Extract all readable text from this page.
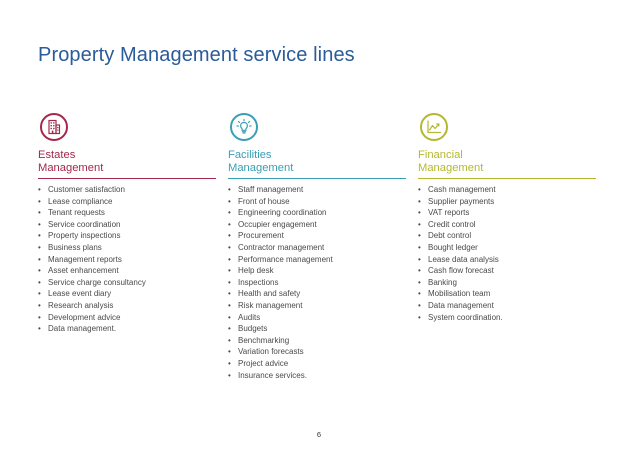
Property Management service lines
Estates
Management
• Customer satisfaction
• Lease compliance
• Tenant requests
• Service coordination
• Property inspections
• Business plans
• Management reports
• Asset enhancement
• Service charge consultancy
• Lease event diary
• Research analysis
• Development advice
• Data management.
Facilities
Management
• Staff management
• Front of house
• Engineering coordination
• Occupier engagement
• Procurement
• Contractor management
• Performance management
• Help desk
• Inspections
• Health and safety
• Risk management
• Audits
• Budgets
• Benchmarking
• Variation forecasts
• Project advice
• Insurance services.
Financial
Management
• Cash management
• Supplier payments
• VAT reports
• Credit control
• Debt control
• Bought ledger
• Lease data analysis
• Cash flow forecast
• Banking
• Mobilisation team
• Data management
• System coordination.
6
